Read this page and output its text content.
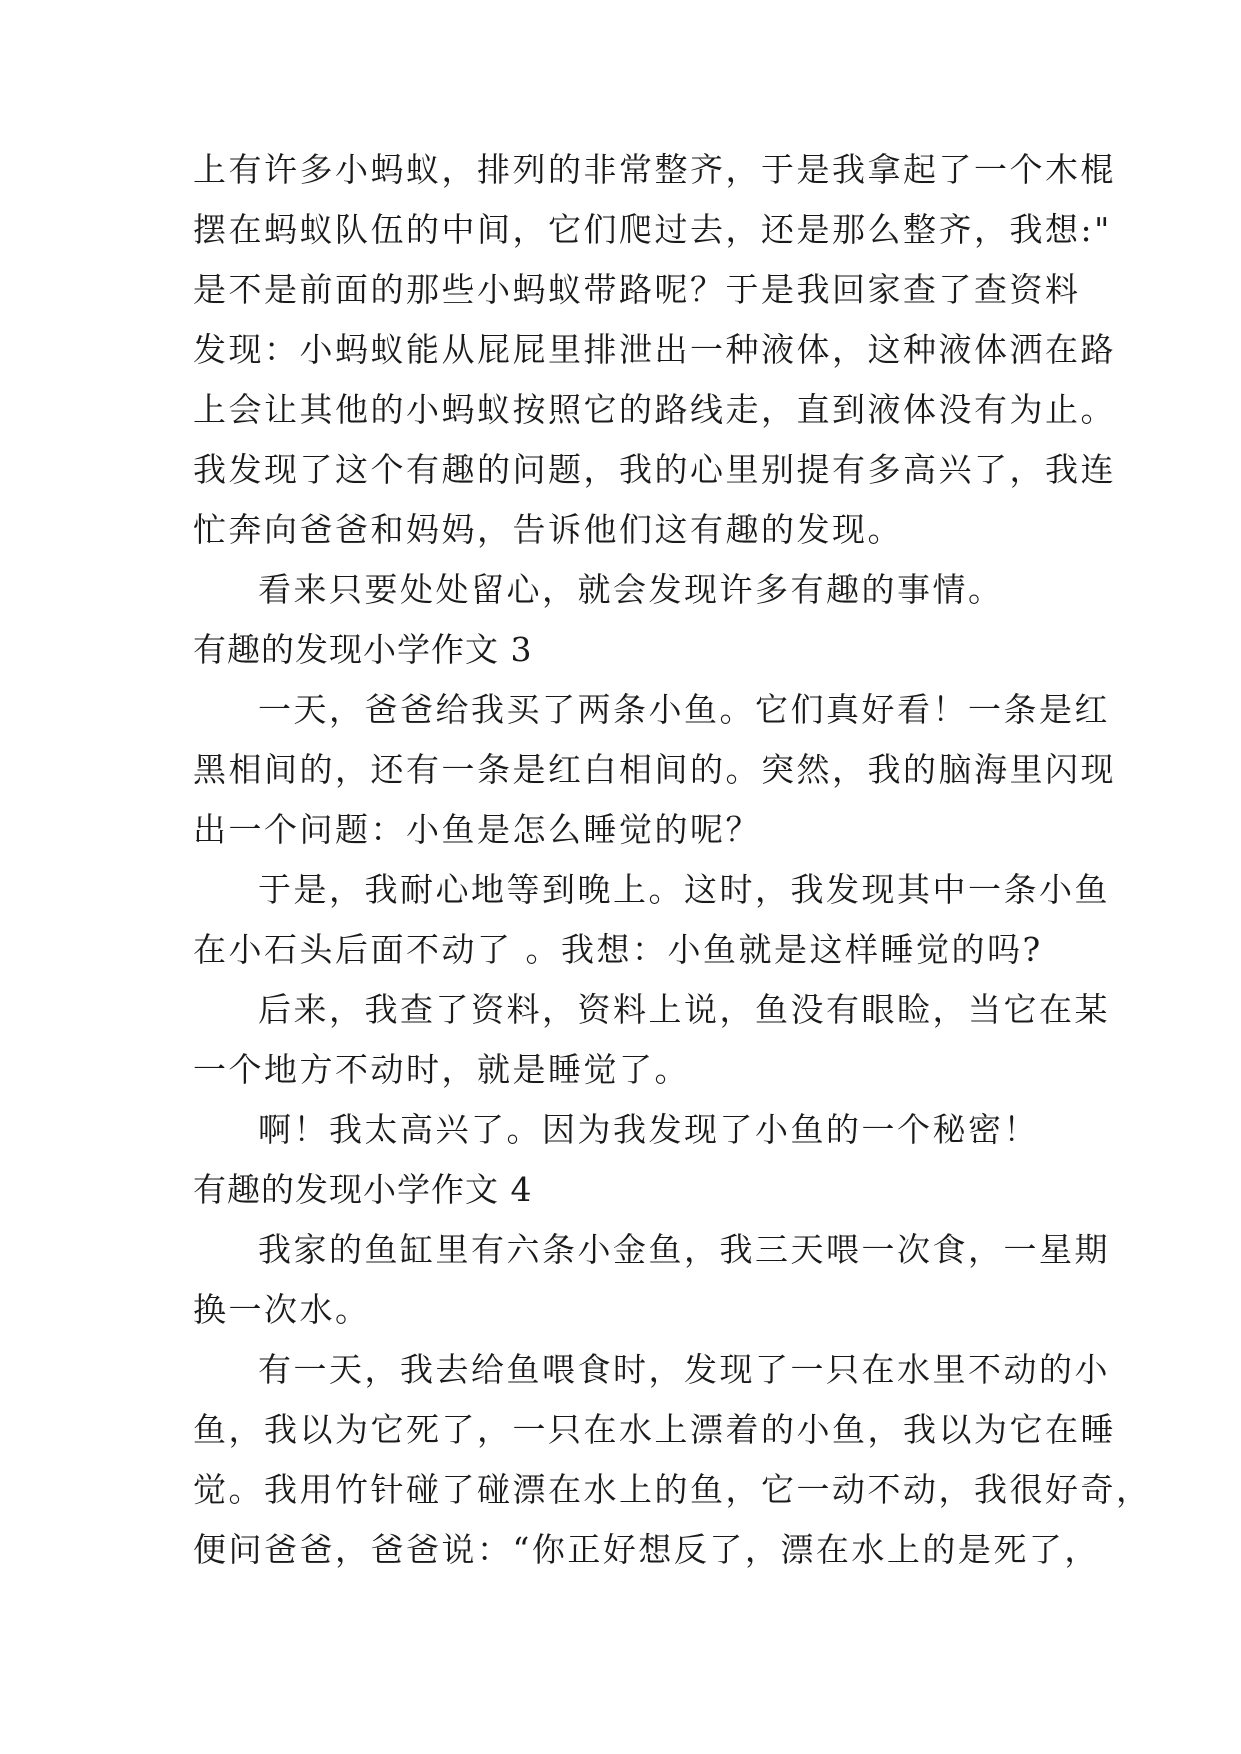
上有许多小蚂蚁，排列的非常整齐，于是我拿起了一个木棍
摆在蚂蚁队伍的中间，它们爬过去，还是那么整齐，我想:"
是不是前面的那些小蚂蚁带路呢？于是我回家查了查资料
发现：小蚂蚁能从屁屁里排泄出一种液体，这种液体洒在路
上会让其他的小蚂蚁按照它的路线走，直到液体没有为止。
我发现了这个有趣的问题，我的心里别提有多高兴了，我连
忙奔向爸爸和妈妈，告诉他们这有趣的发现。
看来只要处处留心，就会发现许多有趣的事情。
有趣的发现小学作文 3
一天，爸爸给我买了两条小鱼。它们真好看！一条是红
黑相间的，还有一条是红白相间的。突然，我的脑海里闪现
出一个问题：小鱼是怎么睡觉的呢？
于是，我耐心地等到晚上。这时，我发现其中一条小鱼
在小石头后面不动了 。我想：小鱼就是这样睡觉的吗?
后来，我查了资料，资料上说，鱼没有眼睑，当它在某
一个地方不动时，就是睡觉了。
啊！我太高兴了。因为我发现了小鱼的一个秘密！
有趣的发现小学作文 4
我家的鱼缸里有六条小金鱼，我三天喂一次食，一星期
换一次水。
有一天，我去给鱼喂食时，发现了一只在水里不动的小
鱼，我以为它死了，一只在水上漂着的小鱼，我以为它在睡
觉。我用竹针碰了碰漂在水上的鱼，它一动不动，我很好奇，
便问爸爸，爸爸说：“你正好想反了，漂在水上的是死了，
